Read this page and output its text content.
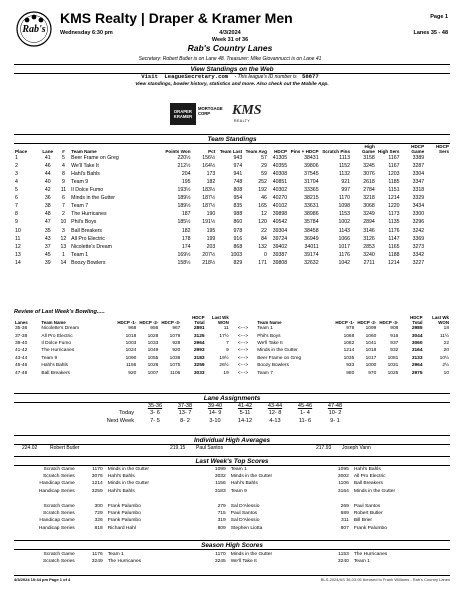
Rab's
KMS Realty | Draper & Kramer Men	Page 1
Wednesday 6:30 pm	4/3/2024	Lanes 35 - 48
Week 31 of 36
Rab's Country Lanes
Secretary: Robert Butler is on Lane 48. Treasurer: Mike Giovannucci is on Lane 41
View Standings on the Web
Visit LeagueSecretary.com - This league's ID number is 58877
View standings, bowler history, statistics and more. Also check out the Mobile App.
DRAPER KRAMER
MORTGAGE CORP	KMS
REALTY
Team Standings
Place	Lane	#	Team Name	Points Won	Pct	Team Last	Team Avg	HDCP	Pins + HDCP	Scratch Pins	High Game	High Sers	HDCP Game	HDCP Sers
1	41	5	Beer Frame on Greg	220½	156½	943	57	41305	38431	1113	3158	1167	3389	
2	46	4	We'll Take It	212½	164½	974	29	40355	39806	1152	3245	1167	3287	
3	44	8	Hahl's Bahls	204	173	941	59	40308	37545	1132	3076	1203	3304	
4	40	9	Team 9	195	182	748	252	40851	31704	921	2618	1185	3347	
5	42	11	Il Dolce Fumo	193½	183½	808	192	40302	33365	997	2784	1151	3318	
6	36	6	Minds in the Gutter	189½	187½	954	46	40270	38215	1170	3218	1214	3329	
7	38	7	Team 7	189½	187½	835	165	40102	33631	1098	3068	1220	3434	
8	48	2	The Hurricanes	187	190	988	12	39898	38986	1153	3249	1173	3300	
9	47	10	Phil's Boys	185½	191½	860	120	40542	35784	1002	2894	1135	3296	
10	35	3	Ball Breakers	182	195	978	22	39304	38458	1143	3146	1176	3242	
11	43	12	All Pro Electric	178	199	916	84	39724	36949	1066	3126	1147	3369	
12	37	13	Nicolette's Dream	174	203	868	132	39402	34011	1017	2853	1165	3273	
13	45	1	Team 1	169½	207½	1003	0	39387	39174	1176	3240	1188	3342	
14	39	14	Boozy Bowlers	158½	218½	829	171	39808	32632	1042	2711	1214	3227	
Review of Last Week's Bowling.....
Lanes	Team Name	HDCP -1-	HDCP -2-	HDCP -3-	HDCP Total	Last Wk WON		Team Name	HDCP -1-	HDCP -2-	HDCP -3-	HDCP Total	Last Wk WON
35-36	Nicolette's Dream	968	956	967	2891	11	<--->	Team 1	978	1099	908	2985	18
37-38	All Pro Electric	1018	1028	1079	3125	17½	<--->	Phil's Boys	1068	1060	916	3044	11½
39-40	Il Dolce Fumo	1003	1033	928	2964	7	<--->	We'll Take It	1082	1041	937	3060	22
41-42	The Hurricanes	1024	1049	920	2993	9	<--->	Minds in the Gutter	1214	1018	932	3164	20
43-44	Team 9	1090	1055	1038	3183	19½	<--->	Beer Frame on Greg	1035	1017	1081	3133	10½
45-46	Hahl's Bahls	1156	1028	1075	3259	26½	<--->	Boozy Bowlers	933	1000	1031	2964	2½
47-48	Ball Breakers	920	1007	1106	3033	19	<--->	Team 7	980	970	1025	2975	10
Lane Assignments
	35-36	37-38	39-40	41-42	43-44	45-46	47-48
Today	3- 6	13- 7	14- 9	5-11	12- 8	1- 4	10- 2
Next Week	7- 5	8- 2	3-10	14-12	4-13	11- 6	9- 1
Individual High Averages
224.02	Robert Butler	219.15 Paul Santos	217.93 Joseph Vann
Last Week's Top Scores
Scratch Game	1170	Minds in the Gutter	1099	Team 1	1095	Hahl's Bahls
Scratch Series	3076	Hahl's Bahls	3032	Minds in the Gutter	3002	All Pro Electric
Handicap Game	1214	Minds in the Gutter	1156	Hahl's Bahls	1106	Ball Breakers
Handicap Series	3259	Hahl's Bahls	3183	Team 9	3164	Minds in the Gutter
Scratch Game	300	Frank Palumbo	279	Sal D'Alessio	269	Paul Santos
Scratch Series	729	Frank Palumbo	715	Paul Santos	689	Robert Butler
Handicap Game	326	Frank Palumbo	319	Sal D'Alessio	311	Bill Brier
Handicap Series	818	Richard Hahl	809	Stephen Liotta	807	Frank Palumbo
Season High Scores
Scratch Game	1176	Team 1	1170	Minds in the Gutter	1153	The Hurricanes
Scratch Series	3249	The Hurricanes	3245	We'll Take It	3240	Team 1
4/3/2024 10:44 pm Page 1 of 4	BLS-2024/AS 36.03.05 licensed to Frank Williams - Rab's Country Lanes
